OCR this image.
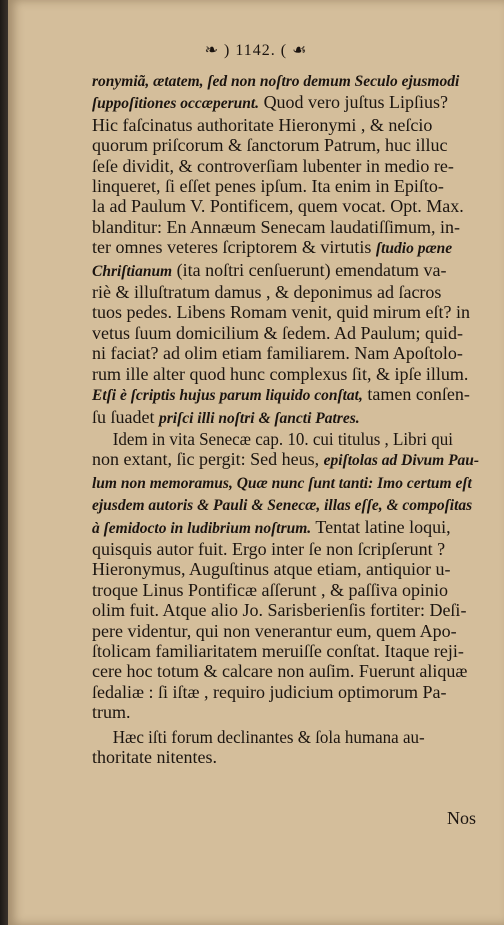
❧ ) 1142. ( ☙
ronymiã, ætatem, ſed non noſtro demum Seculo ejusmodi
ſuppoſitiones occæperunt. Quod vero juſtus Lipſius?
Hic faſcinatus authoritate Hieronymi , & neſcio
quorum priſcorum & ſanctorum Patrum, huc illuc
ſeſe dividit, & controverſiam lubenter in medio re-
linqueret, ſi eſſet penes ipſum. Ita enim in Epiſto-
la ad Paulum V. Pontificem, quem vocat. Opt. Max.
blanditur: En Annæum Senecam laudatiſſimum, in-
ter omnes veteres ſcriptorem & virtutis ſtudio pæne
Chriſtianum (ita noſtri cenſuerunt) emendatum va-
riè & illuſtratum damus , & deponimus ad ſacros
tuos pedes. Libens Romam venit, quid mirum eſt? in
vetus ſuum domicilium & ſedem. Ad Paulum; quid-
ni faciat? ad olim etiam familiarem. Nam Apoſtolo-
rum ille alter quod hunc complexus ſit, & ipſe illum.
Etſi è ſcriptis hujus parum liquido conſtat, tamen conſen-
ſu ſuadet priſci illi noſtri & ſancti Patres.
Idem in vita Senecæ cap. 10. cui titulus , Libri qui
non extant, ſic pergit: Sed heus, epiſtolas ad Divum Pau-
lum non memoramus, Quæ nunc ſunt tanti: Imo certum eſt
ejusdem autoris & Pauli & Senecæ, illas eſſe, & compoſitas
à ſemidocto in ludibrium noſtrum. Tentat latine loqui,
quisquis autor fuit. Ergo inter ſe non ſcripſerunt ?
Hieronymus, Auguſtinus atque etiam, antiquior u-
troque Linus Pontificæ aſſerunt , & paſſiva opinio
olim fuit. Atque alio Jo. Sarisberienſis fortiter: Deſi-
pere videntur, qui non venerantur eum, quem Apo-
ſtolicam familiaritatem meruiſſe conſtat. Itaque reji-
cere hoc totum & calcare non auſim. Fuerunt aliquæ
ſedaliæ : ſi iſtæ , requiro judicium optimorum Pa-
trum.
Hæc iſti forum declinantes & ſola humana au-
thoritate nitentes.
Nos
